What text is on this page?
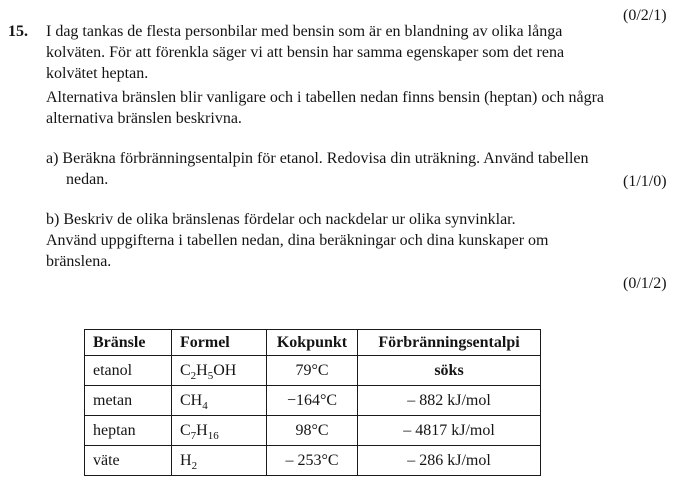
15.
(0/2/1)
I dag tankas de flesta personbilar med bensin som är en blandning av olika långa
kolväten. För att förenkla säger vi att bensin har samma egenskaper som det rena
kolvätet heptan.
Alternativa bränslen blir vanligare och i tabellen nedan finns bensin (heptan) och några
alternativa bränslen beskrivna.
a) Beräkna förbränningsentalpin för etanol. Redovisa din uträkning. Använd tabellen
nedan.	(1/1/0)
b) Beskriv de olika bränslenas fördelar och nackdelar ur olika synvinklar.
Använd uppgifterna i tabellen nedan, dina beräkningar och dina kunskaper om
bränslena.
(0/1/2)
Bränsle	Formel	Kokpunkt	Förbränningsentalpi
etanol	$C_2H_5OH$	79°C	söks
metan	$CH_4$	−164°C	– 882 kJ/mol
heptan	$C_7H_{16}$	98°C	– 4817 kJ/mol
väte	$H_2$	– 253°C	– 286 kJ/mol
